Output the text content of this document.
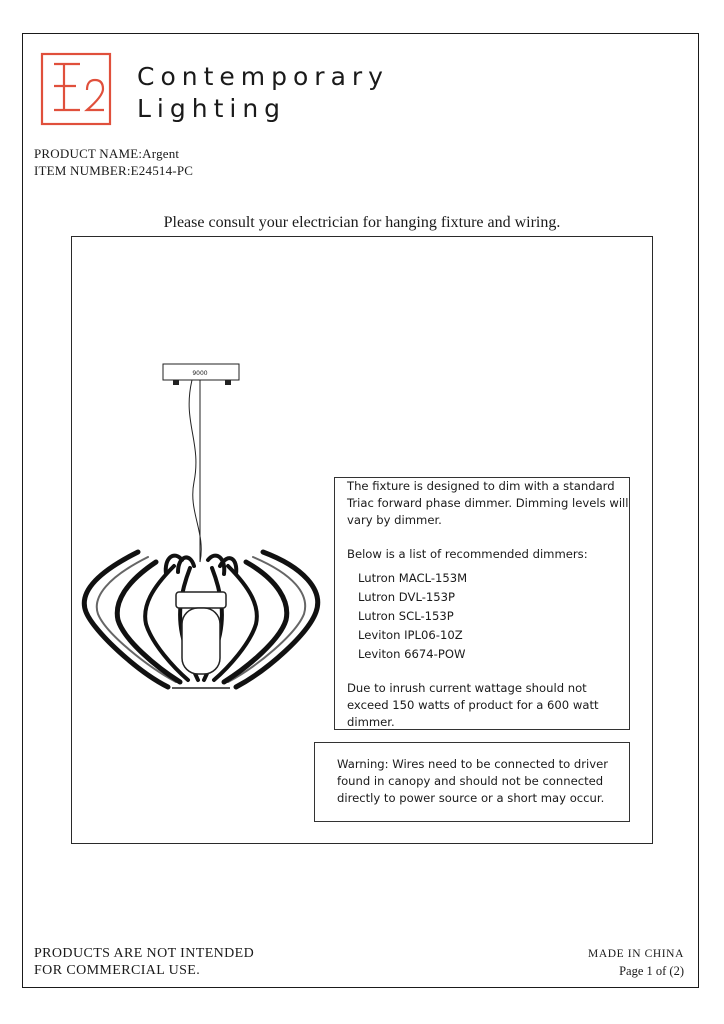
Contemporary
Lighting
PRODUCT NAME:Argent
ITEM NUMBER:E24514-PC
Please consult your electrician for hanging fixture and wiring.
9000

The fixture is designed to dim with a standard Triac forward phase dimmer. Dimming levels will vary by dimmer.

Below is a list of recommended dimmers:

Lutron MACL-153M
Lutron DVL-153P
Lutron SCL-153P
Leviton IPL06-10Z
Leviton 6674-POW

Due to inrush current wattage should not exceed 150 watts of product for a 600 watt dimmer.

Warning: Wires need to be connected to driver found in canopy and should not be connected directly to power source or a short may occur.
PRODUCTS ARE NOT INTENDED
FOR COMMERCIAL USE.
MADE IN CHINA
Page 1 of (2)
